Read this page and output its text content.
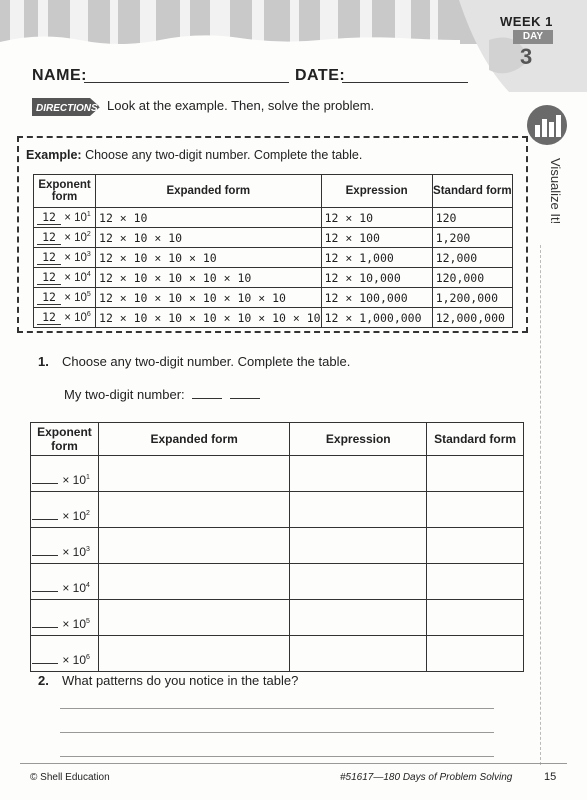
WEEK 1
DAY
3
NAME:	DATE:
DIRECTIONS: Look at the example. Then, solve the problem.
Visualize It!
Example: Choose any two-digit number. Complete the table.
Exponent form	Expanded form	Expression	Standard form
$12 \times 10^1$	12 × 10	12 × 10	120
$12 \times 10^2$	12 × 10 × 10	12 × 100	1,200
$12 \times 10^3$	12 × 10 × 10 × 10	12 × 1,000	12,000
$12 \times 10^4$	12 × 10 × 10 × 10 × 10	12 × 10,000	120,000
$12 \times 10^5$	12 × 10 × 10 × 10 × 10 × 10	12 × 100,000	1,200,000
$12 \times 10^6$	12 × 10 × 10 × 10 × 10 × 10 × 10	12 × 1,000,000	12,000,000
1. Choose any two-digit number. Complete the table.
My two-digit number:
Exponent form	Expanded form	Expression	Standard form
× $10^1$			
× $10^2$			
× $10^3$			
× $10^4$			
× $10^5$			
× $10^6$			
2. What patterns do you notice in the table?
© Shell Education	#51617—180 Days of Problem Solving	15
